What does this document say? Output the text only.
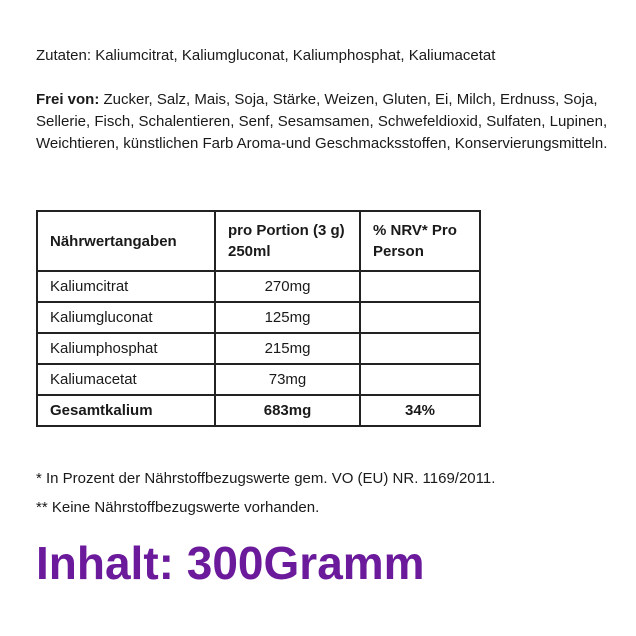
Zutaten: Kaliumcitrat, Kaliumgluconat, Kaliumphosphat, Kaliumacetat
Frei von: Zucker, Salz, Mais, Soja, Stärke, Weizen, Gluten, Ei, Milch, Erdnuss, Soja, Sellerie, Fisch, Schalentieren, Senf, Sesamsamen, Schwefeldioxid, Sulfaten, Lupinen, Weichtieren, künstlichen Farb Aroma-und Geschmacksstoffen, Konservierungsmitteln.
Nährwertangaben	pro Portion (3 g) 250ml	% NRV* Pro Person
Kaliumcitrat	270mg	
Kaliumgluconat	125mg	
Kaliumphosphat	215mg	
Kaliumacetat	73mg	
Gesamtkalium	683mg	34%
* In Prozent der Nährstoffbezugswerte gem. VO (EU) NR. 1169/2011.
** Keine Nährstoffbezugswerte vorhanden.
Inhalt: 300Gramm
